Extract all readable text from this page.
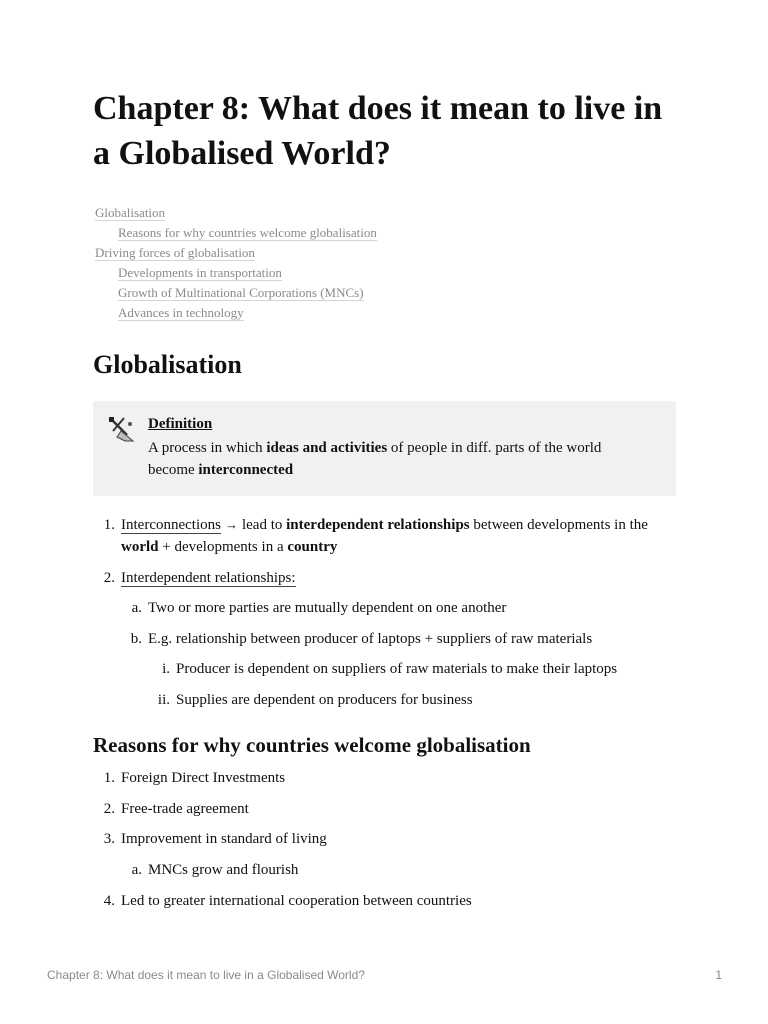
Chapter 8: What does it mean to live in a Globalised World?
Globalisation
Reasons for why countries welcome globalisation
Driving forces of globalisation
Developments in transportation
Growth of Multinational Corporations (MNCs)
Advances in technology
Globalisation
Definition
A process in which ideas and activities of people in diff. parts of the world become interconnected
1. Interconnections → lead to interdependent relationships between developments in the world + developments in a country
2. Interdependent relationships:
a. Two or more parties are mutually dependent on one another
b. E.g. relationship between producer of laptops + suppliers of raw materials
i. Producer is dependent on suppliers of raw materials to make their laptops
ii. Supplies are dependent on producers for business
Reasons for why countries welcome globalisation
1. Foreign Direct Investments
2. Free-trade agreement
3. Improvement in standard of living
a. MNCs grow and flourish
4. Led to greater international cooperation between countries
Chapter 8: What does it mean to live in a Globalised World?	1
